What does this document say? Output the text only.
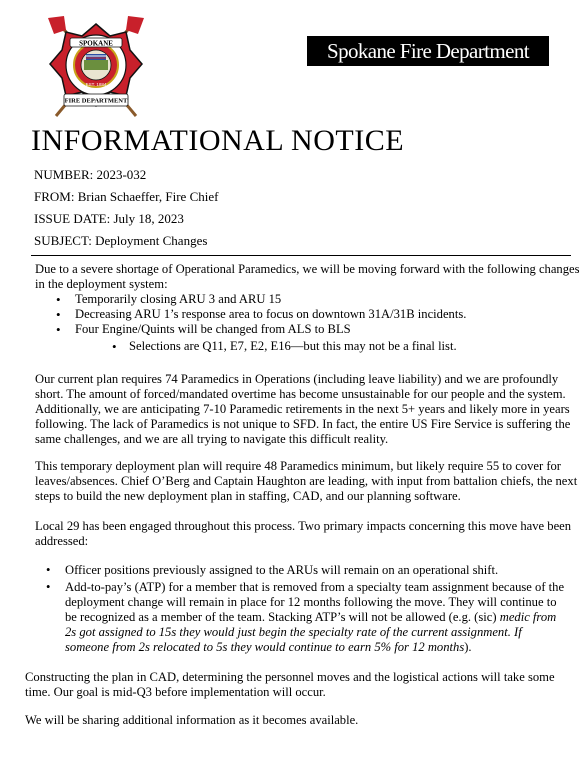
SPOKANE
FIRE DEPARTMENT
EST. 1884
Spokane Fire Department
INFORMATIONAL NOTICE
NUMBER: 2023-032
FROM: Brian Schaeffer, Fire Chief
ISSUE DATE: July 18, 2023
SUBJECT: Deployment Changes

Due to a severe shortage of Operational Paramedics, we will be moving forward with the following changes in the deployment system:

• Temporarily closing ARU 3 and ARU 15
• Decreasing ARU 1’s response area to focus on downtown 31A/31B incidents.
• Four Engine/Quints will be changed from ALS to BLS
• Selections are Q11, E7, E2, E16—but this may not be a final list.

Our current plan requires 74 Paramedics in Operations (including leave liability) and we are profoundly short. The amount of forced/mandated overtime has become unsustainable for our people and the system. Additionally, we are anticipating 7-10 Paramedic retirements in the next 5+ years and likely more in years following. The lack of Paramedics is not unique to SFD. In fact, the entire US Fire Service is suffering the same challenges, and we are all trying to navigate this difficult reality.

This temporary deployment plan will require 48 Paramedics minimum, but likely require 55 to cover for leaves/absences. Chief O’Berg and Captain Haughton are leading, with input from battalion chiefs, the next steps to build the new deployment plan in staffing, CAD, and our planning software.

Local 29 has been engaged throughout this process. Two primary impacts concerning this move have been addressed:

• Officer positions previously assigned to the ARUs will remain on an operational shift.
• Add-to-pay’s (ATP) for a member that is removed from a specialty team assignment because of the deployment change will remain in place for 12 months following the move. They will continue to be recognized as a member of the team. Stacking ATP’s will not be allowed (e.g. (sic) medic from 2s got assigned to 15s they would just begin the specialty rate of the current assignment. If someone from 2s relocated to 5s they would continue to earn 5% for 12 months).

Constructing the plan in CAD, determining the personnel moves and the logistical actions will take some time. Our goal is mid-Q3 before implementation will occur.

We will be sharing additional information as it becomes available.
